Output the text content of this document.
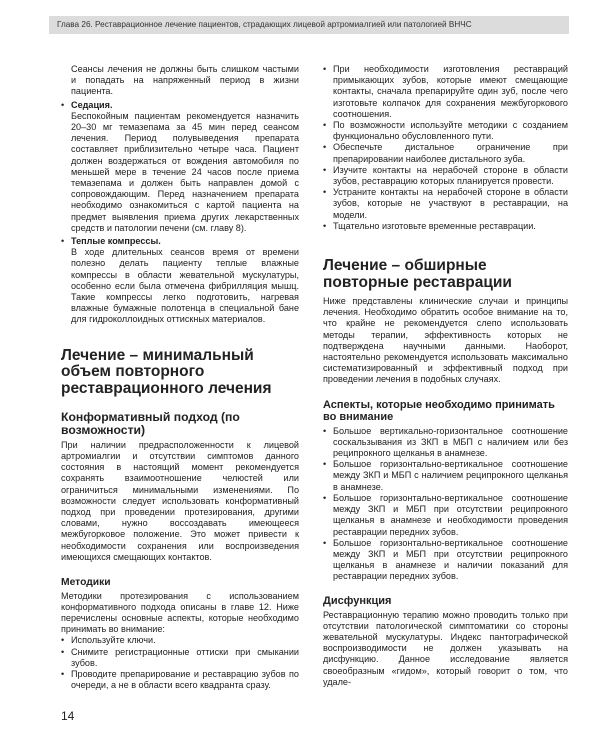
Глава 26. Реставрационное лечение пациентов, страдающих лицевой артромиалгией или патологией ВНЧС

Сеансы лечения не должны быть слишком частыми и попадать на напряженный период в жизни пациента.

• Седация.

Беспокойным пациентам рекомендуется назначить 20–30 мг темазепама за 45 мин перед сеансом лечения. Период полувыведения препарата составляет приблизительно четыре часа. Пациент должен воздержаться от вождения автомобиля по меньшей мере в течение 24 часов после приема темазепама и должен быть направлен домой с сопровождающим. Перед назначением препарата необходимо ознакомиться с картой пациента на предмет выявления приема других лекарственных средств и патологии печени (см. главу 8).

• Теплые компрессы.

В ходе длительных сеансов время от времени полезно делать пациенту теплые влажные компрессы в области жевательной мускулатуры, особенно если была отмечена фибрилляция мышц. Такие компрессы легко подготовить, нагревая влажные бумажные полотенца в специальной бане для гидроколлоидных оттискных материалов.

Лечение – минимальный объем повторного реставрационного лечения
Конформативный подход (по возможности)

При наличии предрасположенности к лицевой артромиалгии и отсутствии симптомов данного состояния в настоящий момент рекомендуется сохранять взаимоотношение челюстей или ограничиться минимальными изменениями. По возможности следует использовать конформативный подход при проведении протезирования, другими словами, нужно воссоздавать имеющееся межбугорковое положение. Это может привести к необходимости сохранения или воспроизведения имеющихся смещающих контактов.

Методики

Методики протезирования с использованием конформативного подхода описаны в главе 12. Ниже перечислены основные аспекты, которые необходимо принимать во внимание:

• Используйте ключи.
• Снимите регистрационные оттиски при смыкании зубов.
• Проводите препарирование и реставрацию зубов по очереди, а не в области всего квадранта сразу.
• При необходимости изготовления реставраций примыкающих зубов, которые имеют смещающие контакты, сначала препарируйте один зуб, после чего изготовьте колпачок для сохранения межбугоркового соотношения.
• По возможности используйте методики с созданием функционально обусловленного пути.
• Обеспечьте дистальное ограничение при препарировании наиболее дистального зуба.
• Изучите контакты на нерабочей стороне в области зубов, реставрацию которых планируется провести.
• Устраните контакты на нерабочей стороне в области зубов, которые не участвуют в реставрации, на модели.
• Тщательно изготовьте временные реставрации.
Лечение – обширные повторные реставрации

Ниже представлены клинические случаи и принципы лечения. Необходимо обратить особое внимание на то, что крайне не рекомендуется слепо использовать методы терапии, эффективность которых не подтверждена научными данными. Наоборот, настоятельно рекомендуется использовать максимально систематизированный и эффективный подход при проведении лечения в подобных случаях.

Аспекты, которые необходимо принимать во внимание
• Большое вертикально-горизонтальное соотношение соскальзывания из ЗКП в МБП с наличием или без реципрокного щелканья в анамнезе.
• Большое горизонтально-вертикальное соотношение между ЗКП и МБП с наличием реципрокного щелканья в анамнезе.
• Большое горизонтально-вертикальное соотношение между ЗКП и МБП при отсутствии реципрокного щелканья в анамнезе и необходимости проведения реставрации передних зубов.
• Большое горизонтально-вертикальное соотношение между ЗКП и МБП при отсутствии реципрокного щелканья в анамнезе и наличии показаний для реставрации передних зубов.
Дисфункция

Реставрационную терапию можно проводить только при отсутствии патологической симптоматики со стороны жевательной мускулатуры. Индекс пантографической воспроизводимости не должен указывать на дисфункцию. Данное исследование является своеобразным «гидом», который говорит о том, что удале-

14
